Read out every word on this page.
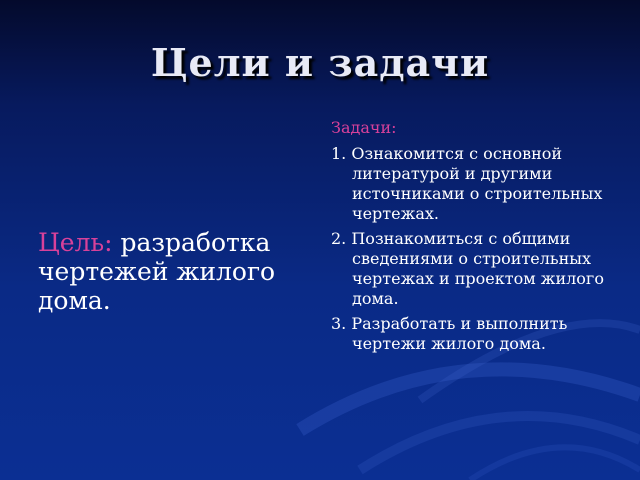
Цели и задачи
Цель: разработка чертежей жилого дома.
Задачи:
1. Ознакомится с основной литературой и другими источниками о строительных чертежах.
2. Познакомиться с общими сведениями о строительных чертежах и проектом жилого дома.
3. Разработать и выполнить чертежи жилого дома.
